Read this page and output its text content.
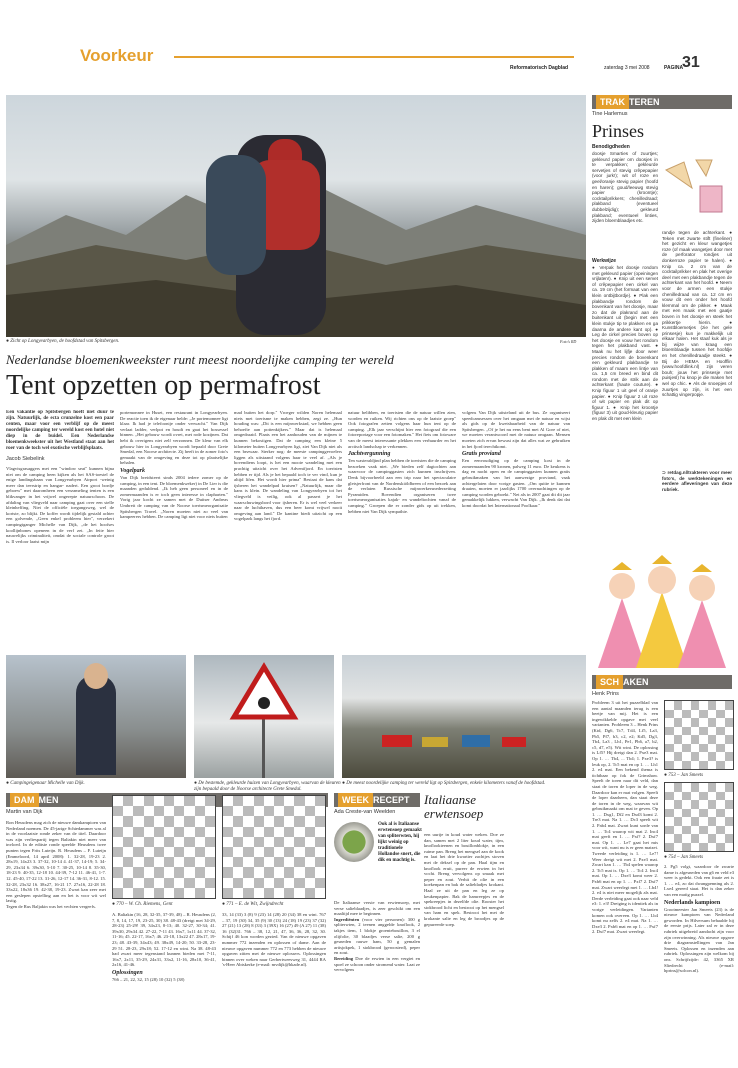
Voorkeur
Reformatorisch Dagblad	zaterdag 3 mei 2008	PAGINA
31
● Zicht op Longyearbyen, de hoofdstad van Spitsbergen.	Foto's RD
Nederlandse bloemenkweekster runt meest noordelijke camping ter wereld
Tent opzetten op permafrost
Een vakantie op Spitsbergen hoeft niet duur te zijn. Natuurlijk, de ecta crunzelne kost een paar centen, maar voor een verblijf op de meest noordelijke camping ter wereld kost een hotel niet diep in de buidel. Een Nederlandse bloemenkweekster uit het Westland staat aan het roer van de toch wel exotische verblijfsplaats.
Jacob Siebelink
Vlagvisgrasaggers met een "window seat" kunnen bijna niet om de camping heen kijken als het SAS-toestel de enige landingsbaan van Longyearbyen Airport -weinig meer dan teerstrip en hangar- nadert. Een groot bordje geboew" met daaromheen een verzameling tenten is een blikvanger in het vrijwel ongerepte natuurschoon. De afdaling van vliegveld naar camping gaat over een stelle kleinheffing. Niet de officiële toegangsweg, wel de kortste, zo blijkt. De koffer wordt tijdelijk gestald achter een golvende, „Geen enkel probleem hier", verzekert campingiganger Michelle van Dijk, „de het hoofses koollijnbones openeen in de verf zet. „In feite hier nauwelijks criminaliteit, omdat de sociale controle groot is. Il verloor laatst mijn
portemonnee in Huset, een restaurant in Longyearbyen. De reactie toen ik de eigenaar belde: „Je portemonnee ligt klaar. Ik had je telefoonije onder verwacht." Van Dijk verlaat ladder, verlpot en houdt en gaat het bossessel binnen. „Het gebouw wordt ovret, met rode kozijnen. Dat hebt ik overigens niet zelf verzonnen. De kleur van elk gebouw hier in Longyearbyen wordt bepaald door Grete Smedal, een Noorse architecte. Zij heeft in de zomer foto's gemaakt van de omgeving en deze tot op plaatselijke behalen.
Vogelpark
Van Dijk breidsteert sinds 2004 iedere zomer op de camping, in een tent. De bloemenkweker) in De Lier is die maanden geduldend. „Ik heb geen personeel en in de zomermaanden is er toch geen interesse in clapharten." Vorig jaar kocht ze samen met de Duitser Andreas Umbreit de camping van de Noorse toerismeorganisatie Spitsbergen Travel. „Noren moeten niet zo veel van kampeerers hebben. De camping ligt niet voor niets buiten
mad buiten het dorp." Vroeger wilden Noren helemaal niets met toerisme te maken hebben, zegt ze. „Hun houding was: „Dit is een mijnwerkstad, we hebben geen behoefte aan pottenkijkers." Maar dat is helemaal omgedraaid. Plaats een het aanhouden van de mijnen te kunnen bekostigen. Dat de camping een kleine 5 kilometer buiten Longyearbyen ligt, ziet Van Dijk niet als een bezwaar. Sterker nog: de meeste campinggevoelers liggen als uitstaand volgens haar te veel af. „Als je bovendiens loopt, is het een mooie wandeling met een prachtig uitzicht over het Adventfjord. En toeristen hebben er tijd. Als je het bepaald toch te ver vind, kun je altijd lifen. Het wordt hier prima" Bestaat de kans dat ijsberen het wandelpad kruisen? „Natuurlijk, maar die kans is klein. De wandeling van Longyearbyen tot het vliegveld is veilig, ook al passert je het waarschuwingsbord voor ijsberen. Er is wel veel verkeer naar de luchthaven, dus een beer komt vrijwel nooit omgeving aan land." De kantine biedt uitzicht op een vogelpark langs het fjord.
natuur belibben, en toeristen die de natuur willen zien, worden en ruiken. Wij richten ons op de laatste groep" Ook fotografen zetten volgens haar hun tent op de camping. „Elk jaar verschijnt hier een fotograaf die een fotoreportage voor een fotomaken." Het fiets om fotoware van de meest interessante plekken een verhuurder en het arctisch landschap te verkennen.
Jachtvergunning
Ten wasteraldjind plan hebben de toeristen die de camping bezoeken vaak niet. „We bieden zelf dagtochten aan waarvoor de campinggasten zich kunnen inschrijven. Denk bijvoorbeeld aan een trip naar het spectaculaire gletsjerfront van de Nordenskiöldbreen of een bezoek aan de verlaten Russische mijnwerkersnederzetting Pyramiden. Bovendien organiseren twee toerismeorganisaties kajak- en wandeltochten vanaf de camping." Groepen die er zonder gids op uit trekken, hebben niet Van Dijk sympathie.
volgens Van Dijk uitsteland uit de bus. Ze organiseert speedcamsessen over het omgaan met de natuur en wijst als gids op de kwetsbaarheid van de natuur van Spitsbergen. „Of je het nu eens bent met Al Gore of niet, we moeten verantwoord met de natuur omgaan. Mensen moeten zich ervan bewust zijn dat alles wat ze gebruiken in het fjord terechtkomt.
Gratis proviand
Een eenvoudiging op de camping kost in de zomermaanden 90 kronen, palweg 11 euro. De keukens is dag en nacht open en de campinggasten kunnen gratis gebruikmaken van het aanwezige proviand, vaak achtergelaten door vorige gasten. „Om quitte te kunnen draaien, moeten er jaarlijks 1700 overnachtingen op de camping worden geboekt." Net als in 2007 gaat dit dit jaar gemakkelijk lukken, verwacht Van Dijk. „Ik denk dat dat komt doordat het Internationaal Poolkaar."
● Campingeigenaar Michelle van Dijk.	● De bestemde, gekleurde huizen van Longyearbyen, waarvan de kleuren zijn bepaald door de Noorse architecte Grete Smedal.
● De meest noordelijke camping ter wereld ligt op Spitsbergen, enkele kilometers vanaf de hoofdstad.
TRAK TEREN
Tine Harlemus
Prinses
Benodigdheden
doosje Smarties of zuurtjes; gekleurd papier om doosjes in te verpakken; gekleurde servetjes of stevig crêpepapier (voor jurk!); wit of roze en geel/oranje stevig papier (hoofd en haren); goud/leeuwg stevig papier (kroontje); cocktailprikkers; chenilledraad; plakband (eventueel dubbelzijdig); gekleurd plakband; eventueel linties, zijden bloemblaadjes etc.
Werkwijze
● Verpak het doosje rondom met gekleurd papier (opeiningen vrijlaten!). ● Knip uit een servet of crêpepapier een cirkel van ca. 19 cm (het formaat van een klein ontbijtbordje). ● Plak een plakbandje rondom de bovenkant van het doosje, maar zo dat de plakrand aan de buitenkant uit (begin met een klein stukje tip te plakken en ga daarna de andere kant op). ● Leg de cirkel precies boven op het doosje en vouw het rondom tegen het plakband vast. ● Maak nu het lijfje door weer precies rondom de bovenkant een gekleurd plakbandje te plakken of maam een lintje van ca. 1,5 cm breed en bind dit rondom met de strik aan de achterkant (haute couture). ● Knip figuur 1 uit geel of oranje papier. ● Knip figuur 2 uit roze of wit papier en plak dit op figuur 1. ● Knip het kroontje (figuur 3) uit goud-kleurig papier en plak dit met een klein
randje tegen de achterkant. ● Teken met zwarte stift (fineliner) het gezicht en kleur wangetjes roze (of maak wangetjes door met de perforator rondjes uit donkerroze papier te halen). ● Knip ca. 2 cm van de cocktailprikker en plak het overige deel met een plakbandje tegen de achterkant van het hoofd. ● Neem voor de armen een stukje chenilledraad van ca. 12 cm en vouw dit een onder het hoofd klemmal om de pikker. ● Maak met een maak met een gaatje boven in het doosje en steek het prikkertje hierin. ● Kunstbloemetjes (zie het gele prinsesje) kun je makkelijk uit elkaar halen. Het staaf kuk als je bij wijze van kraag een bloemblaadje tussen het hoofdje en het chenilledraadje steekt. ● Bij de HEMA en Hoofflin (www.hoofdlink.nl) zijn veren bouh; jouw het prinsesje met puisjesl) hu knop je die maken het wel op chic. ● Als de snoepjes of zuurtjes op zijn, is het een schattig vingerpopje.
⊃ retdag.nl/trakteren voor meer foto's, de werktekeningen en eerdere afleveringen van deze rubriek.
SCH AKEN
Henk Prins
Probleem 3 uit het puzzelblad van een aantal maanden terug is een beetje van mij. Het is een ingewikkelde opgave met veel varianten. Probleem 3 – Henk Prins (Ktd, Dg6, Tc7, Td4, Lf5, La3, Pb5, Pf7, b3, c2, e2; Kd5, Dg3, Tb4, La3 , Lh1, Pe1, Ph6, a7, b2, c5, d7, e5). Wit wint. De oplossing is Lf5? Hij dreigt dan 2. Pxe3 mat. Op 1. … Tb4, ... Tb4; 1. Pxe3? is leuk op, 2. Tc5 mat en op 1. … Lh1 2. e4 mat. Een bekend thema is tichtbaar op fok de Grimshaw. Speelt de toren naar dit veld, dan staat de toren de loper in de weg. Daardoor kan er mat volgen. Speelt de loper daarheen, dan staat deze de toren in de weg, waarvan wit gebruikmaakt om mat te geven. Op 1. … Dxg1, Df2 en Dxd3 komt 2. Tre3 mat. Na 1. … Dc3 speelt wit 2. Pab4 mat. Zwart kunt sorde van 1. … Tc4 waarop wit mat 2. Inc4 mat geeft en 1. … Pxf? 2. Dxf7 mat. Op 1. … Le7 gaat het mis voor wit, want nu is er geen matzet. Tweede verleiding is 1. … Le7! Weer dreigt wit met 2. Pxe3 mat. Zwart kan 1. … Tb4 spelen waarop 2. Tc5 mat is. Op 1. … Tc4 2. Inc4 mat. Op 1. … Dxe3 komt weer 2. Pxb6 mat en op 1. … Pxf7 2. Dxf7 mat. Zwart weerlegt met 1. … Lb4! 2. e4 is niet meer mogelijk als mat. Derde verleiding gaat ook naar veld e3: 1. e3! Dreiging is identiek als in vorige verleidingen. Varianten komen ook overeen. Op 1. … Lb4 komt nu zelfs 2. e4 mat. Na 1. … Dxe3 2. Pxb6 mat en op 1. … Pxf7 2. Dxf7 mat. Zwart weerlegt.
● 753 – Jan Smeets
● 754 – Jan Smeets
2. Pg5 volgt, waardoor de zwarte dame is afgesneden van g6 en veld e3 weer is gedekt. Ook een fraaie zet is 1. … e4, zo dat dwangpenning als 2. Lxe4 gereed staat. Het is dan zeker van een matig puzzel.
Nederlands kampioen
Grootmeester Jan Smeets (23) is de nieuwe kampioen van Nederland geworden. In Hilversum behaalde hij de eerste prijs. Later zal er in deze rubriek uitgebreid aandacht zijn voor zijn overwinning. Als nieuwe opgave drie diagramstellingen van Jan Smeets. Oplossen en inzenden aan rubriek. Oplossingen zijn welkom bij ons. Schrijfzijde: 42, 3365 XR Sliedrecht (e-mail: hprins@solcon.nl).
DAM MEN
Martin van Dijk
Ron Heusdens mag zich de nieuwe damkampioen van Nederland noemen. De 45-jarige Schiedammer was al in de voorlaatste ronde zeker van de titel. Daardoor was zijn verliespartij tegen Baliakin niet meer van invloed. In de editste ronde speelde Heusdens twee punten tegen Frits Luteijn. R. Heusdens – F. Luteijn (Emmeloord, 14 april 2008): 1. 32-28, 19-23 2. 28x19, 14x23 3. 37-32, 10-14 4. 41-37, 14-19; 5. 34-29, 23x34 6. 39x30, 5-10 7. 30-25, 10-14 8. 35-30, 18-23 9. 40-35, 12-18 10. 44-39, 7-12 11. 46-41, 1-7. 12. 45-40, 17-22 13. 31-26, 12-17 14. 36-31, 8-12. 15. 32-28, 23x32 16. 38x27, 16-21 17. 27x16, 22-28 18. 33x22, 18x36 19. 42-38, 19-23. Zwart kan zeer met een geslepen opstelling aan en het is voor wit wel lastig.
Tegen de Rus Baljakin was het vechten vergeefs.	● 770 – W. Ch. Riemens, Gent	● 771 – E. de Wit, Zwijndrecht
A. Baliakin (16, 28, 32-35, 37-39, 48) – R. Heusdens (2, 7, 8, 14, 17, 19, 23-25, 30) 38. 48-43 (dreigt met 34-29, 28-23) 25-29! 39, 34x23, 8-13; 40. 32-27, 30-34; 41. 39x30, 29x34 42. 27-22, 7-11 43. 16x7, 1x11 44. 37-32, 11-16; 45. 22-17, 16x7; 46. 23-18, 13x22 47. 28x17, 19-23; 48. 43-39, 34x43; 49. 38x49, 14-20; 50. 33-28, 23-29 51. 28-23, 29x18; 52. 17-12 en wint. Na 38. 48-43 had zwart meer tegenstand kunnen bieden met 7-11, 16x7, 2x11, 35-29, 24x31, 33x2, 11-16, 28x10, 36-41, 2x16, 41-46.
Oplossingen
766 – 21, 22, 32, 15 (28) 10 (32) 5 (38)
33, 14 (33) 3 (8) 9 (23) 14 (28) 20 (34) 38 en wint. 767 – 37, 19 (30) 34, 35 (9) 30 (13) 24 (18) 19 (23) 37 (32) 27 (21) 13 (28) 8 (33) 3 (39X) 16 (27) 49 (A 27) 11 (38) 16 (32)31. 766 – 38, 12, 21, 47, 36, 36, 28, 32, 30. Schijf 46 kon worden gezied. Van de nieuwe opgaven nummer 772 inzenden en oplossen of dame. Aan de nieuwe opgaven nummer 772 en 773 hebben de nieuwe opgaven zitten met de nieuwe oplossers. Oplossingen binnen over weken naar Gerbertweesweg 31, 4444 RA 's-Heer Abtskerke (e-mail: mvdijk@hkade.nl).
WEEK RECEPT
Ada Creste-van Weelden
Italiaanse erwtensoep
Ook al is Italiaanse erwtensoep gemaakt van spliterwten, hij lijkt weinig op traditionele Hollandse snert, die dik en machtig is.
De Italiaanse versie van erwtensoep, met verse salieblaadjes, is zeer geschikt om een maaltijd mee te beginnen.
Ingrediënten (voor vier personen): 300 g spliterwten, 2 teenen anggelde knoflook, 2 takjes tiem, 1 blokje groentebouillon, 3 el olijfolie, 30 blaadjes verse salie, 200 g gesneden rauwe ham, 50 g gemalen artisjokpek, 1 stokbrood (geroosterd), peper en zout.
Bereiding Doe de erwten in een vergiet en spoel ze schoon onder stromend water. Laat ze vervolgens
een uurtje in koud water weken. Doe ze dan, samen met 2 liter koud water, tijm, knoflookteenen en bouillonblokje, in een ruime pan. Breng het mengsel aan de kook en laat het drie kwartier zachtjes stoven met de deksel op de pan. Haal tijm en knoflook eruit, pureer de erwten in het vocht. Breng vervolgens op smaak met peper en zout. Verhit de olie in een koekenpan en bak de saliebladjes krokant. Haal ze uit de pan en leg ze op keukenpapier. Bak de hamreepjes en de spekreepjes in dezelfde olie. Rooster het stokbrood licht en bestrooi op het mengsel van ham en spek. Bestrooi het met de krokante salie en leg de broodjes op de gepureerde soep.
